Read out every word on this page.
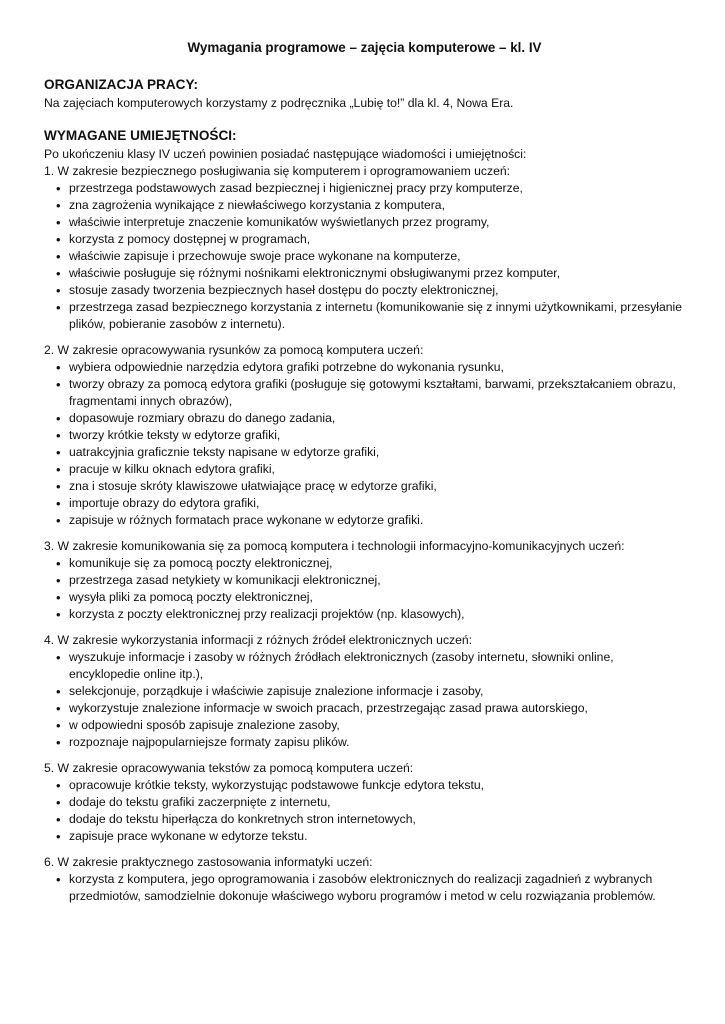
Wymagania programowe – zajęcia komputerowe – kl. IV
ORGANIZACJA PRACY:

Na zajęciach komputerowych korzystamy z podręcznika „Lubię to!” dla kl. 4, Nowa Era.

WYMAGANE UMIEJĘTNOŚCI:

Po ukończeniu klasy IV uczeń powinien posiadać następujące wiadomości i umiejętności:

1. W zakresie bezpiecznego posługiwania się komputerem i oprogramowaniem uczeń:

• przestrzega podstawowych zasad bezpiecznej i higienicznej pracy przy komputerze,
• zna zagrożenia wynikające z niewłaściwego korzystania z komputera,
• właściwie interpretuje znaczenie komunikatów wyświetlanych przez programy,
• korzysta z pomocy dostępnej w programach,
• właściwie zapisuje i przechowuje swoje prace wykonane na komputerze,
• właściwie posługuje się różnymi nośnikami elektronicznymi obsługiwanymi przez komputer,
• stosuje zasady tworzenia bezpiecznych haseł dostępu do poczty elektronicznej,
• przestrzega zasad bezpiecznego korzystania z internetu (komunikowanie się z innymi użytkownikami, przesyłanie plików, pobieranie zasobów z internetu).

2. W zakresie opracowywania rysunków za pomocą komputera uczeń:

• wybiera odpowiednie narzędzia edytora grafiki potrzebne do wykonania rysunku,
• tworzy obrazy za pomocą edytora grafiki (posługuje się gotowymi kształtami, barwami, przekształcaniem obrazu, fragmentami innych obrazów),
• dopasowuje rozmiary obrazu do danego zadania,
• tworzy krótkie teksty w edytorze grafiki,
• uatrakcyjnia graficznie teksty napisane w edytorze grafiki,
• pracuje w kilku oknach edytora grafiki,
• zna i stosuje skróty klawiszowe ułatwiające pracę w edytorze grafiki,
• importuje obrazy do edytora grafiki,
• zapisuje w różnych formatach prace wykonane w edytorze grafiki.

3. W zakresie komunikowania się za pomocą komputera i technologii informacyjno-komunikacyjnych uczeń:

• komunikuje się za pomocą poczty elektronicznej,
• przestrzega zasad netykiety w komunikacji elektronicznej,
• wysyła pliki za pomocą poczty elektronicznej,
• korzysta z poczty elektronicznej przy realizacji projektów (np. klasowych),

4. W zakresie wykorzystania informacji z różnych źródeł elektronicznych uczeń:

• wyszukuje informacje i zasoby w różnych źródłach elektronicznych (zasoby internetu, słowniki online, encyklopedie online itp.),
• selekcjonuje, porządkuje i właściwie zapisuje znalezione informacje i zasoby,
• wykorzystuje znalezione informacje w swoich pracach, przestrzegając zasad prawa autorskiego,
• w odpowiedni sposób zapisuje znalezione zasoby,
• rozpoznaje najpopularniejsze formaty zapisu plików.

5. W zakresie opracowywania tekstów za pomocą komputera uczeń:

• opracowuje krótkie teksty, wykorzystując podstawowe funkcje edytora tekstu,
• dodaje do tekstu grafiki zaczerpnięte z internetu,
• dodaje do tekstu hiperłącza do konkretnych stron internetowych,
• zapisuje prace wykonane w edytorze tekstu.

6. W zakresie praktycznego zastosowania informatyki uczeń:

• korzysta z komputera, jego oprogramowania i zasobów elektronicznych do realizacji zagadnień z wybranych przedmiotów, samodzielnie dokonuje właściwego wyboru programów i metod w celu rozwiązania problemów.
